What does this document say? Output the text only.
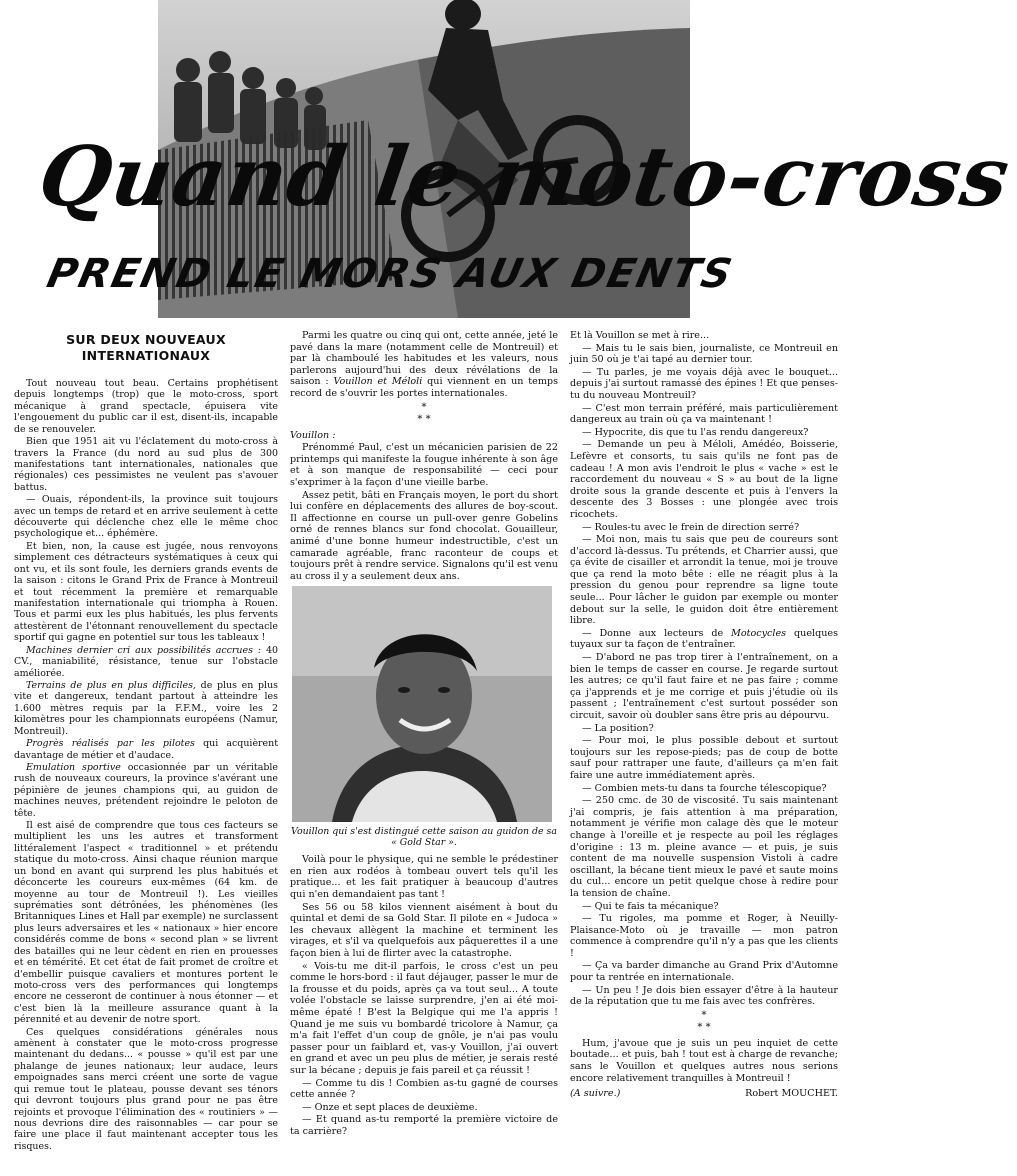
Quand le moto-cross
PREND LE MORS AUX DENTS
SUR DEUX NOUVEAUX INTERNATIONAUX

Tout nouveau tout beau. Certains prophétisent depuis longtemps (trop) que le moto-cross, sport mécanique à grand spectacle, épuisera vite l'engouement du public car il est, disent-ils, incapable de se renouveler.

Bien que 1951 ait vu l'éclatement du moto-cross à travers la France (du nord au sud plus de 300 manifestations tant internationales, nationales que régionales) ces pessimistes ne veulent pas s'avouer battus.

— Ouais, répondent-ils, la province suit toujours avec un temps de retard et en arrive seulement à cette découverte qui déclenche chez elle le même choc psychologique et... éphémère.

Et bien, non, la cause est jugée, nous renvoyons simplement ces détracteurs systématiques à ceux qui ont vu, et ils sont foule, les derniers grands events de la saison : citons le Grand Prix de France à Montreuil et tout récemment la première et remarquable manifestation internationale qui triompha à Rouen. Tous et parmi eux les plus habitués, les plus fervents attestèrent de l'étonnant renouvellement du spectacle sportif qui gagne en potentiel sur tous les tableaux !

Machines dernier cri aux possibilités accrues : 40 CV., maniabilité, résistance, tenue sur l'obstacle améliorée.

Terrains de plus en plus difficiles, de plus en plus vite et dangereux, tendant partout à atteindre les 1.600 mètres requis par la F.F.M., voire les 2 kilomètres pour les championnats européens (Namur, Montreuil).

Progrès réalisés par les pilotes qui acquièrent davantage de métier et d'audace.

Emulation sportive occasionnée par un véritable rush de nouveaux coureurs, la province s'avérant une pépinière de jeunes champions qui, au guidon de machines neuves, prétendent rejoindre le peloton de tête.

Il est aisé de comprendre que tous ces facteurs se multiplient les uns les autres et transforment littéralement l'aspect « traditionnel » et prétendu statique du moto-cross. Ainsi chaque réunion marque un bond en avant qui surprend les plus habitués et déconcerte les coureurs eux-mêmes (64 km. de moyenne au tour de Montreuil !). Les vieilles suprématies sont détrônées, les phénomènes (les Britanniques Lines et Hall par exemple) ne surclassent plus leurs adversaires et les « nationaux » hier encore considérés comme de bons « second plan » se livrent des batailles qui ne leur cèdent en rien en prouesses et en témérité. Et cet état de fait promet de croître et d'embellir puisque cavaliers et montures portent le moto-cross vers des performances qui longtemps encore ne cesseront de continuer à nous étonner — et c'est bien là la meilleure assurance quant à la pérennité et au devenir de notre sport.

Ces quelques considérations générales nous amènent à constater que le moto-cross progresse maintenant du dedans... « pousse » qu'il est par une phalange de jeunes nationaux; leur audace, leurs empoignades sans merci créent une sorte de vague qui remue tout le plateau, pousse devant ses ténors qui devront toujours plus grand pour ne pas être rejoints et provoque l'élimination des « routiniers » — nous devrions dire des raisonnables — car pour se faire une place il faut maintenant accepter tous les risques.

Parmi les quatre ou cinq qui ont, cette année, jeté le pavé dans la mare (notamment celle de Montreuil) et par là chamboulé les habitudes et les valeurs, nous parlerons aujourd'hui des deux révélations de la saison : Vouillon et Méloli qui viennent en un temps record de s'ouvrir les portes internationales.

*
* *

Vouillon :

Prénommé Paul, c'est un mécanicien parisien de 22 printemps qui manifeste la fougue inhérente à son âge et à son manque de responsabilité — ceci pour s'exprimer à la façon d'une vieille barbe.

Assez petit, bâti en Français moyen, le port du short lui confère en déplacements des allures de boy-scout. Il affectionne en course un pull-over genre Gobelins orné de rennes blancs sur fond chocolat. Gouailleur, animé d'une bonne humeur indestructible, c'est un camarade agréable, franc raconteur de coups et toujours prêt à rendre service. Signalons qu'il est venu au cross il y a seulement deux ans.

Vouillon qui s'est distingué cette saison au guidon de sa « Gold Star ».

Voilà pour le physique, qui ne semble le prédestiner en rien aux rodéos à tombeau ouvert tels qu'il les pratique... et les fait pratiquer à beaucoup d'autres qui n'en demandaient pas tant !

Ses 56 ou 58 kilos viennent aisément à bout du quintal et demi de sa Gold Star. Il pilote en « Judoca » les chevaux allègent la machine et terminent les virages, et s'il va quelquefois aux pâquerettes il a une façon bien à lui de flirter avec la catastrophe.

« Vois-tu me dit-il parfois, le cross c'est un peu comme le hors-bord : il faut déjauger, passer le mur de la frousse et du poids, après ça va tout seul... A toute volée l'obstacle se laisse surprendre, j'en ai été moi-même épaté ! B'est la Belgique qui me l'a appris ! Quand je me suis vu bombardé tricolore à Namur, ça m'a fait l'effet d'un coup de gnôle, je n'ai pas voulu passer pour un faiblard et, vas-y Vouillon, j'ai ouvert en grand et avec un peu plus de métier, je serais resté sur la bécane ; depuis je fais pareil et ça réussit !

— Comme tu dis ! Combien as-tu gagné de courses cette année ?

— Onze et sept places de deuxième.

— Et quand as-tu remporté la première victoire de ta carrière?

Et là Vouillon se met à rire...

— Mais tu le sais bien, journaliste, ce Montreuil en juin 50 où je t'ai tapé au dernier tour.

— Tu parles, je me voyais déjà avec le bouquet... depuis j'ai surtout ramassé des épines ! Et que penses-tu du nouveau Montreuil?

— C'est mon terrain préféré, mais particulièrement dangereux au train où ça va maintenant !

— Hypocrite, dis que tu l'as rendu dangereux?

— Demande un peu à Méloli, Amédéo, Boisserie, Lefèvre et consorts, tu sais qu'ils ne font pas de cadeau ! A mon avis l'endroit le plus « vache » est le raccordement du nouveau « S » au bout de la ligne droite sous la grande descente et puis à l'envers la descente des 3 Bosses : une plongée avec trois ricochets.

— Roules-tu avec le frein de direction serré?

— Moi non, mais tu sais que peu de coureurs sont d'accord là-dessus. Tu prétends, et Charrier aussi, que ça évite de cisailler et arrondit la tenue, moi je trouve que ça rend la moto bête : elle ne réagit plus à la pression du genou pour reprendre sa ligne toute seule... Pour lâcher le guidon par exemple ou monter debout sur la selle, le guidon doit être entièrement libre.

— Donne aux lecteurs de Motocycles quelques tuyaux sur ta façon de t'entraîner.

— D'abord ne pas trop tirer à l'entraînement, on a bien le temps de casser en course. Je regarde surtout les autres; ce qu'il faut faire et ne pas faire ; comme ça j'apprends et je me corrige et puis j'étudie où ils passent ; l'entraînement c'est surtout posséder son circuit, savoir où doubler sans être pris au dépourvu.

— La position?

— Pour moi, le plus possible debout et surtout toujours sur les repose-pieds; pas de coup de botte sauf pour rattraper une faute, d'ailleurs ça m'en fait faire une autre immédiatement après.

— Combien mets-tu dans ta fourche télescopique?

— 250 cmc. de 30 de viscosité. Tu sais maintenant j'ai compris, je fais attention à ma préparation, notamment je vérifie mon calage dès que le moteur change à l'oreille et je respecte au poil les réglages d'origine : 13 m. pleine avance — et puis, je suis content de ma nouvelle suspension Vistoli à cadre oscillant, la bécane tient mieux le pavé et saute moins du cul... encore un petit quelque chose à redire pour la tension de chaîne.

— Qui te fais ta mécanique?

— Tu rigoles, ma pomme et Roger, à Neuilly-Plaisance-Moto où je travaille — mon patron commence à comprendre qu'il n'y a pas que les clients !

— Ça va barder dimanche au Grand Prix d'Automne pour ta rentrée en internationale.

— Un peu ! Je dois bien essayer d'être à la hauteur de la réputation que tu me fais avec tes confrères.

*
* *

Hum, j'avoue que je suis un peu inquiet de cette boutade... et puis, bah ! tout est à charge de revanche; sans le Vouillon et quelques autres nous serions encore relativement tranquilles à Montreuil !

(A suivre.)	Robert MOUCHET.
